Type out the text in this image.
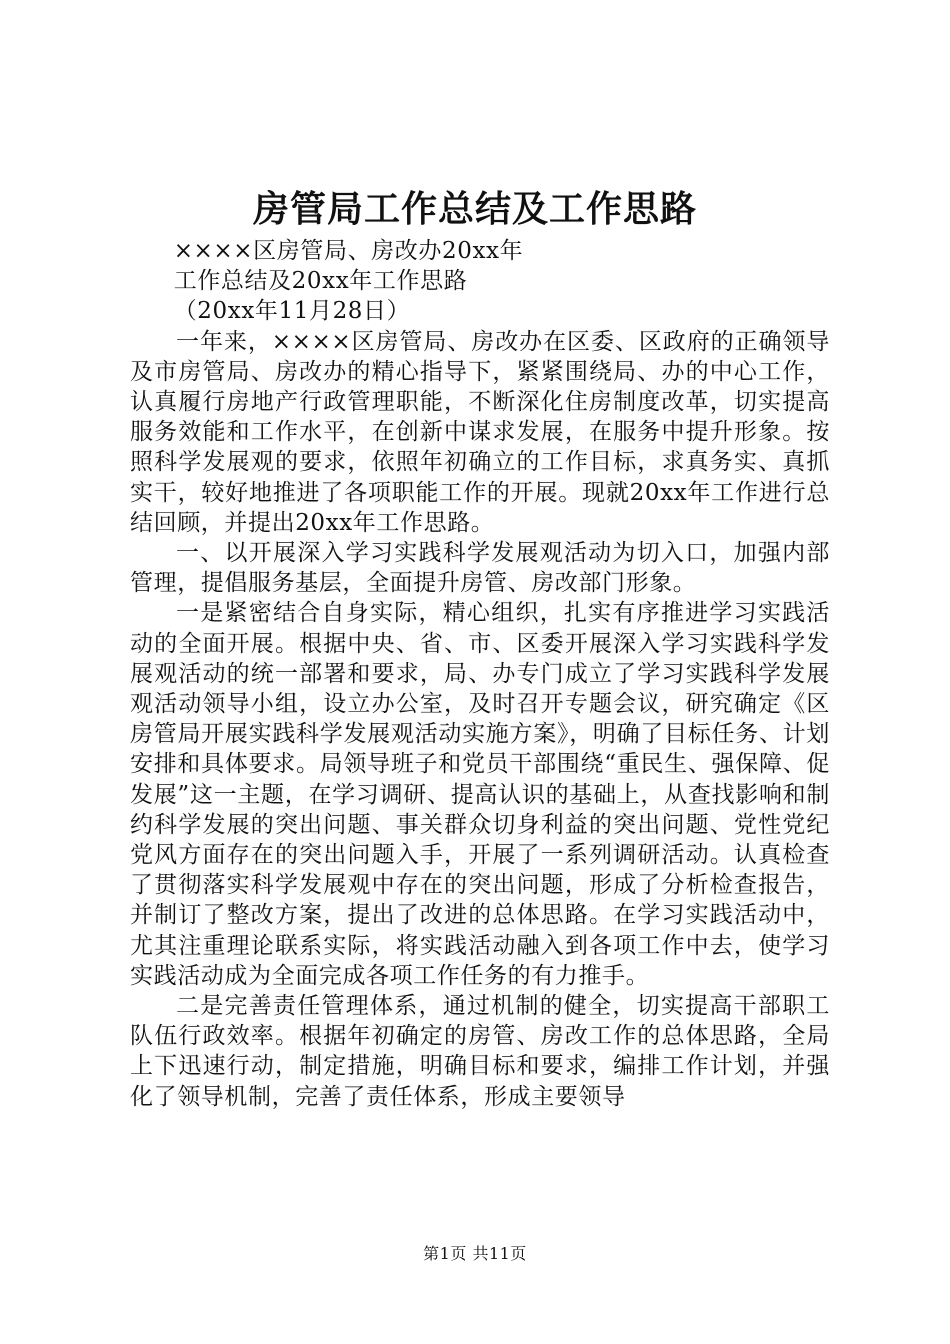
房管局工作总结及工作思路

××××区房管局、房改办20xx年

工作总结及20xx年工作思路

（20xx年11月28日）

一年来，××××区房管局、房改办在区委、区政府的正确领导及市房管局、房改办的精心指导下，紧紧围绕局、办的中心工作，认真履行房地产行政管理职能，不断深化住房制度改革，切实提高服务效能和工作水平，在创新中谋求发展，在服务中提升形象。按照科学发展观的要求，依照年初确立的工作目标，求真务实、真抓实干，较好地推进了各项职能工作的开展。现就20xx年工作进行总结回顾，并提出20xx年工作思路。

一、以开展深入学习实践科学发展观活动为切入口，加强内部管理，提倡服务基层，全面提升房管、房改部门形象。

一是紧密结合自身实际，精心组织，扎实有序推进学习实践活动的全面开展。根据中央、省、市、区委开展深入学习实践科学发展观活动的统一部署和要求，局、办专门成立了学习实践科学发展观活动领导小组，设立办公室，及时召开专题会议，研究确定《区房管局开展实践科学发展观活动实施方案》，明确了目标任务、计划安排和具体要求。局领导班子和党员干部围绕“重民生、强保障、促发展”这一主题，在学习调研、提高认识的基础上，从查找影响和制约科学发展的突出问题、事关群众切身利益的突出问题、党性党纪党风方面存在的突出问题入手，开展了一系列调研活动。认真检查了贯彻落实科学发展观中存在的突出问题，形成了分析检查报告，并制订了整改方案，提出了改进的总体思路。在学习实践活动中，尤其注重理论联系实际，将实践活动融入到各项工作中去，使学习实践活动成为全面完成各项工作任务的有力推手。

二是完善责任管理体系，通过机制的健全，切实提高干部职工队伍行政效率。根据年初确定的房管、房改工作的总体思路，全局上下迅速行动，制定措施，明确目标和要求，编排工作计划，并强化了领导机制，完善了责任体系，形成主要领导

第1页 共11页
